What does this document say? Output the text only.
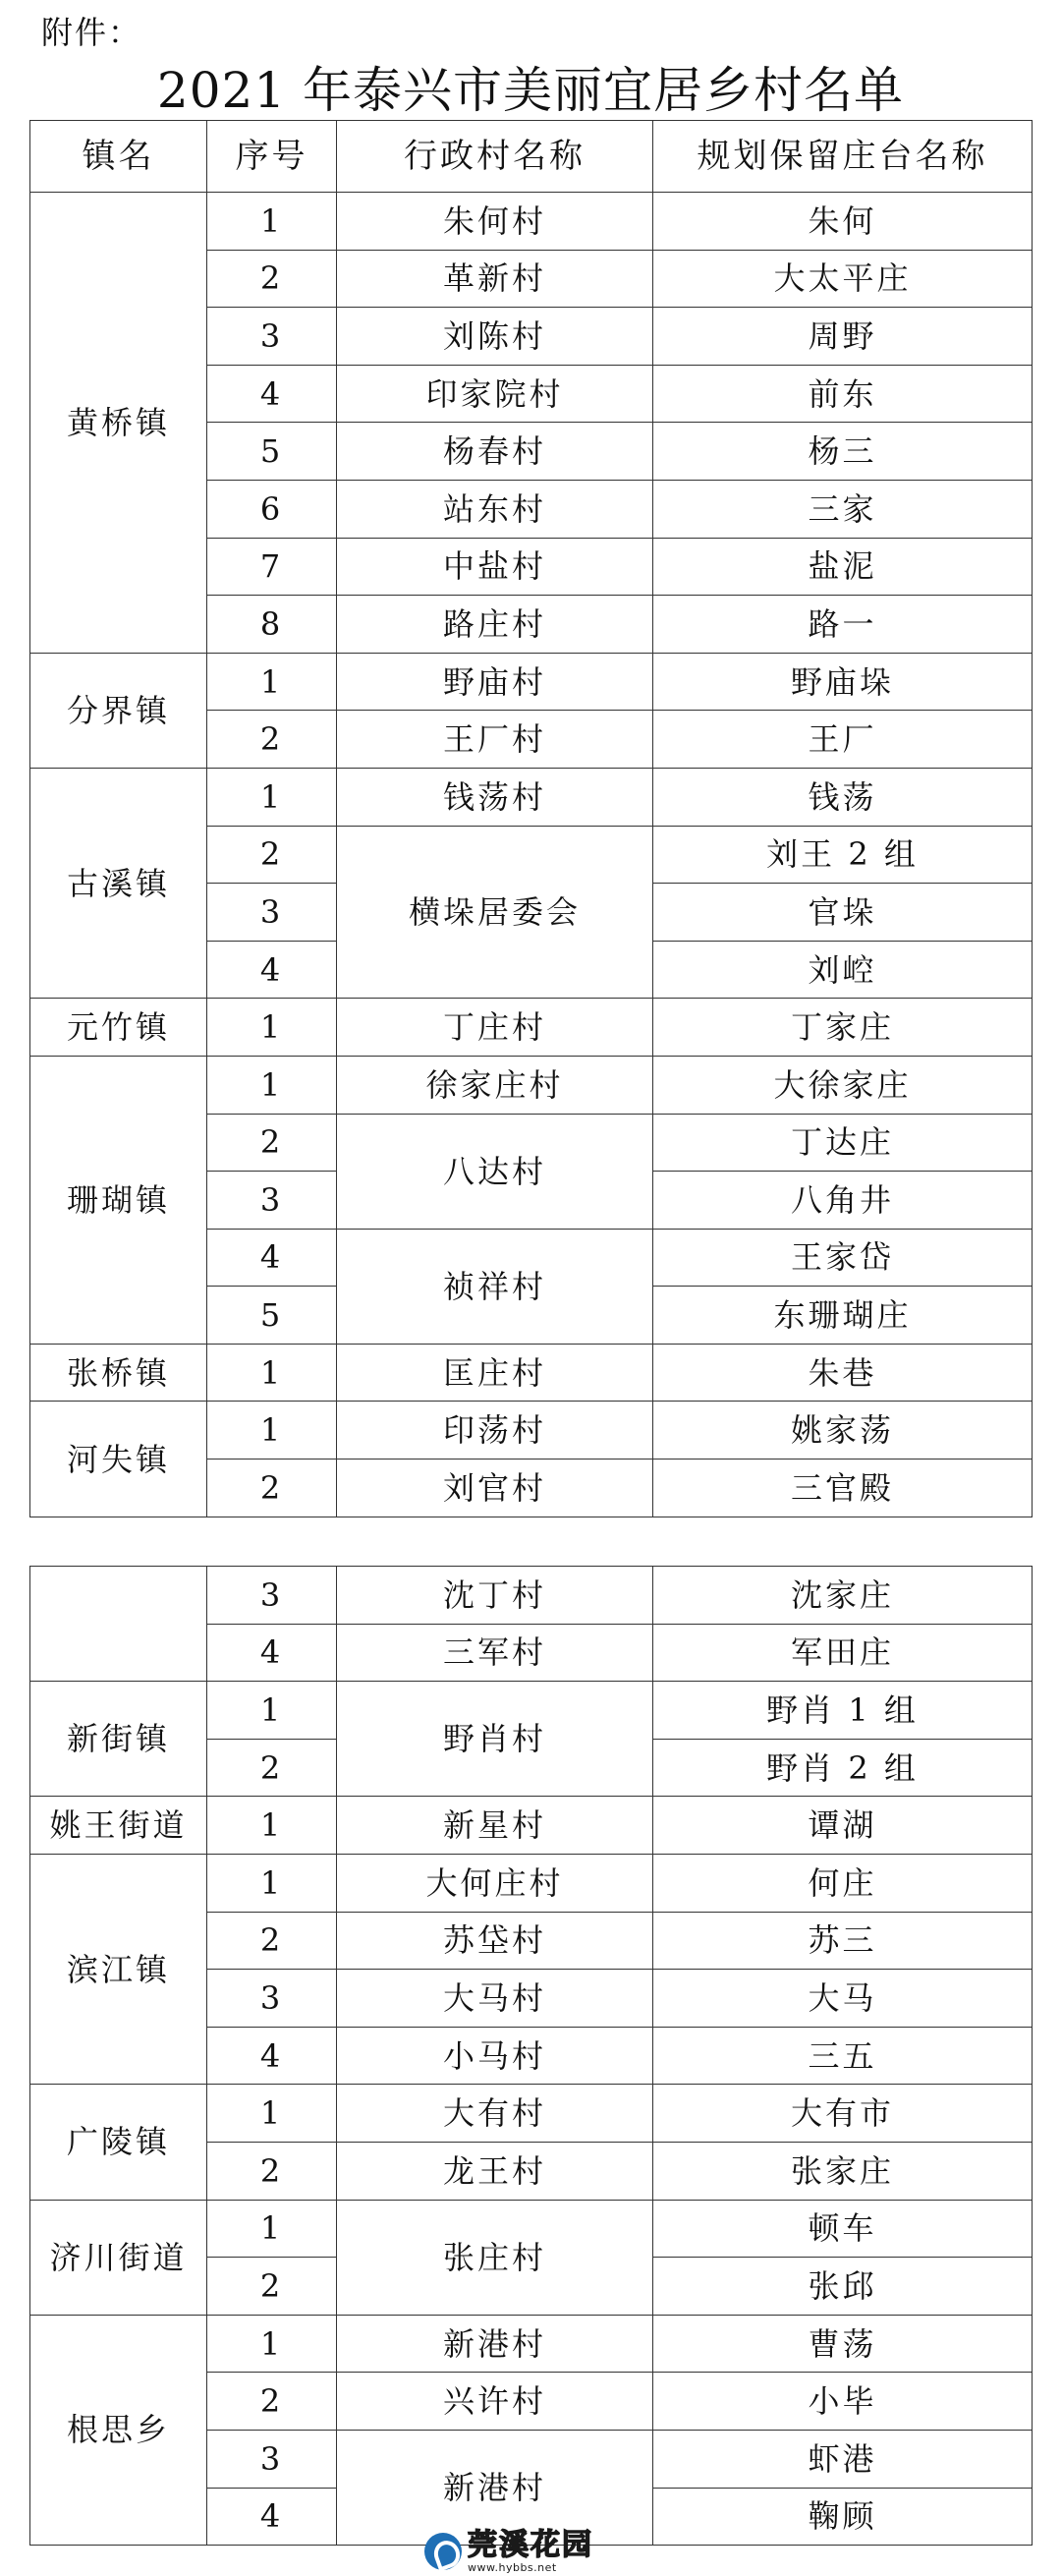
附件：
2021 年泰兴市美丽宜居乡村名单
镇名	序号	行政村名称	规划保留庄台名称
黄桥镇	1	朱何村	朱何
	2	革新村	大太平庄
	3	刘陈村	周野
	4	印家院村	前东
	5	杨春村	杨三
	6	站东村	三家
	7	中盐村	盐泥
	8	路庄村	路一
分界镇	1	野庙村	野庙垛
	2	王厂村	王厂
古溪镇	1	钱荡村	钱荡
	2	横垛居委会	刘王 2 组
	3		官垛
	4		刘崆
元竹镇	1	丁庄村	丁家庄
珊瑚镇	1	徐家庄村	大徐家庄
	2	八达村	丁达庄
	3		八角井
	4	祯祥村	王家岱
	5		东珊瑚庄
张桥镇	1	匡庄村	朱巷
河失镇	1	印荡村	姚家荡
	2	刘官村	三官殿
	3	沈丁村	沈家庄
	4	三军村	军田庄
新街镇	1	野肖村	野肖 1 组
	2		野肖 2 组
姚王街道	1	新星村	谭湖
滨江镇	1	大何庄村	何庄
	2	苏垈村	苏三
	3	大马村	大马
	4	小马村	三五
广陵镇	1	大有村	大有市
	2	龙王村	张家庄
济川街道	1	张庄村	顿车
	2		张邱
根思乡	1	新港村	曹荡
	2	兴许村	小毕
	3	新港村	虾港
	4		鞠顾
莞溪花园
www.hybbs.net
